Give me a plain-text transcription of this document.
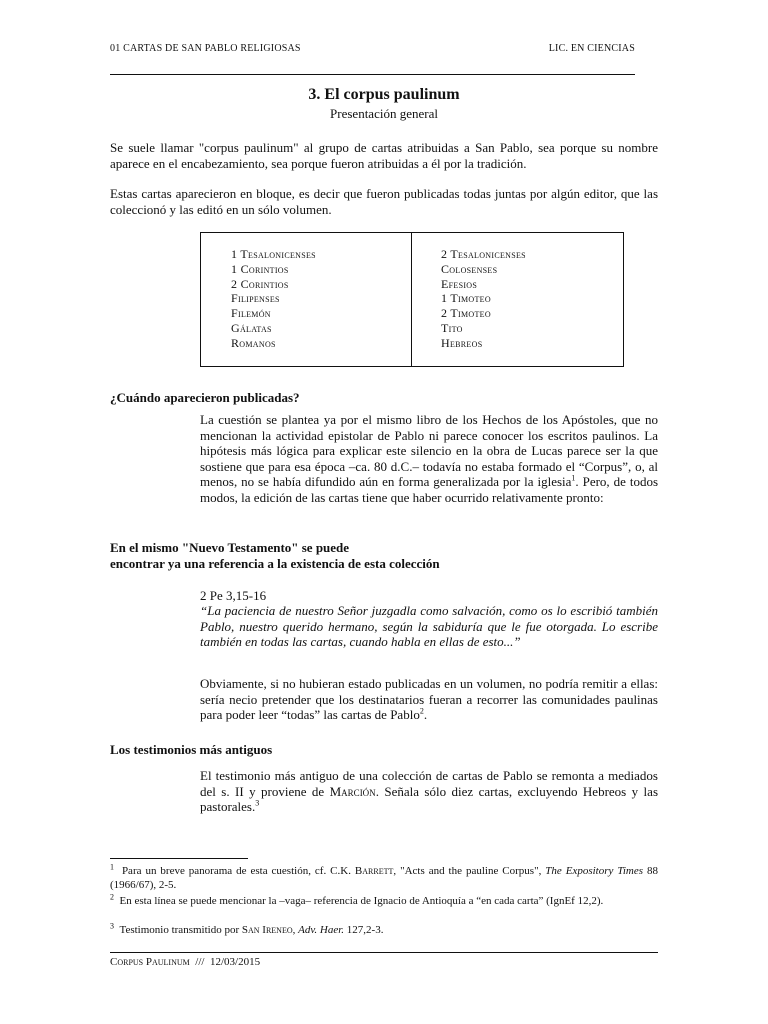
01 CARTAS DE SAN PABLO RELIGIOSAS	LIC. EN CIENCIAS
3. El corpus paulinum
Presentación general

Se suele llamar "corpus paulinum" al grupo de cartas atribuidas a San Pablo, sea porque su nombre aparece en el encabezamiento, sea porque fueron atribuidas a él por la tradición.

Estas cartas aparecieron en bloque, es decir que fueron publicadas todas juntas por algún editor, que las coleccionó y las editó en un sólo volumen.

1 Tesalonicenses
1 Corintios
2 Corintios
Filipenses
Filemón
Gálatas
Romanos
2 Tesalonicenses
Colosenses
Efesios
1 Timoteo
2 Timoteo
Tito
Hebreos
¿Cuándo aparecieron publicadas?

La cuestión se plantea ya por el mismo libro de los Hechos de los Apóstoles, que no mencionan la actividad epistolar de Pablo ni parece conocer los escritos paulinos. La hipótesis más lógica para explicar este silencio en la obra de Lucas parece ser la que sostiene que para esa época –ca. 80 d.C.– todavía no estaba formado el “Corpus”, o, al menos, no se había difundido aún en forma generalizada por la iglesia$^1$. Pero, de todos modos, la edición de las cartas tiene que haber ocurrido relativamente pronto:

En el mismo "Nuevo Testamento" se puede
encontrar ya una referencia a la existencia de esta colección

2 Pe 3,15-16

“La paciencia de nuestro Señor juzgadla como salvación, como os lo escribió también Pablo, nuestro querido hermano, según la sabiduría que le fue otorgada. Lo escribe también en todas las cartas, cuando habla en ellas de esto...”

Obviamente, si no hubieran estado publicadas en un volumen, no podría remitir a ellas: sería necio pretender que los destinatarios fueran a recorrer las comunidades paulinas para poder leer “todas” las cartas de Pablo$^2$.

Los testimonios más antiguos

El testimonio más antiguo de una colección de cartas de Pablo se remonta a mediados del s. II y proviene de Marción. Señala sólo diez cartas, excluyendo Hebreos y las pastorales.$^3$

$^1$ Para un breve panorama de esta cuestión, cf. C.K. Barrett, "Acts and the pauline Corpus", The Expository Times 88 (1966/67), 2-5.

$^2$ En esta línea se puede mencionar la –vaga– referencia de Ignacio de Antioquía a “en cada carta” (IgnEf 12,2).

$^3$ Testimonio transmitido por San Ireneo, Adv. Haer. 127,2-3.

Corpus Paulinum /// 12/03/2015
